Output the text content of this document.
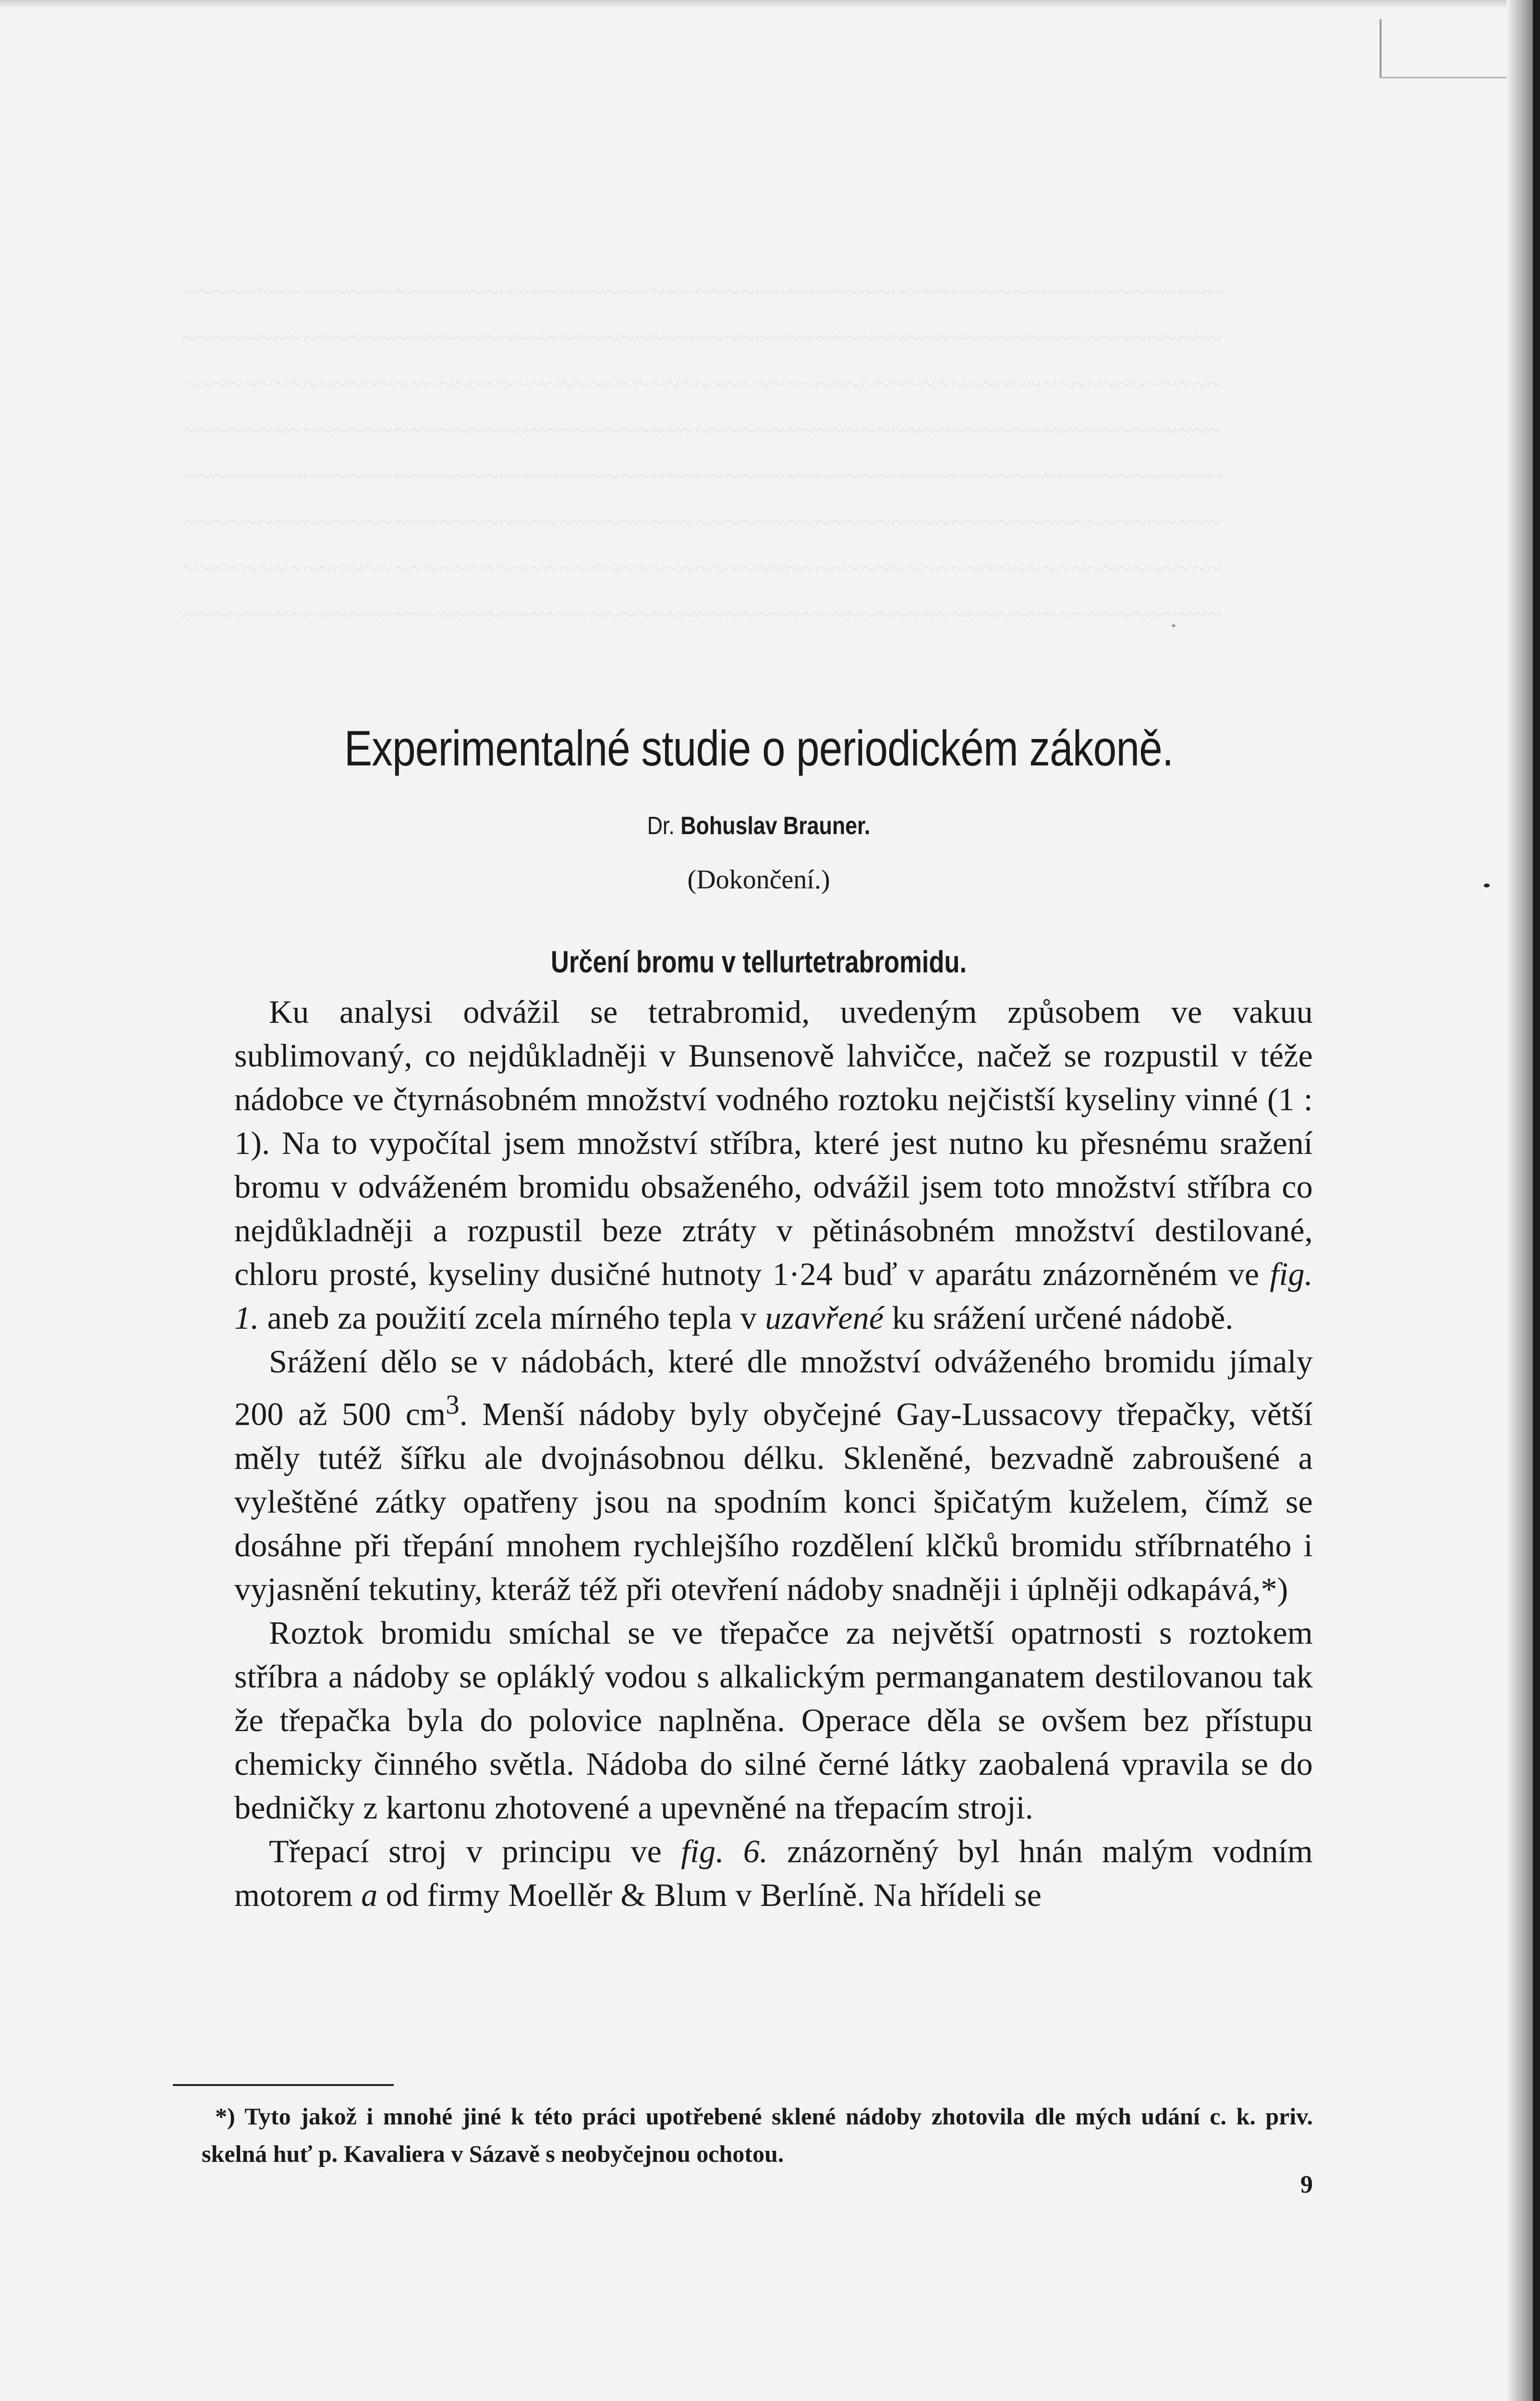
Experimentalné studie o periodickém zákoně.
Dr. Bohuslav Brauner.
(Dokončení.)
Určení bromu v tellurtetrabromidu.

Ku analysi odvážil se tetrabromid, uvedeným způsobem ve vakuu sublimovaný, co nejdůkladněji v Bunsenově lahvičce, načež se rozpustil v téže nádobce ve čtyrnásobném množství vodného roztoku nejčistší kyseliny vinné (1 : 1). Na to vypočítal jsem množství stříbra, které jest nutno ku přesnému sražení bromu v odváženém bromidu obsaženého, odvážil jsem toto množství stříbra co nejdůkladněji a rozpustil beze ztráty v pětinásobném množství destilované, chloru prosté, kyseliny dusičné hutnoty 1·24 buď v aparátu znázorněném ve fig. 1. aneb za použití zcela mírného tepla v uzavřené ku srážení určené nádobě.

Srážení dělo se v nádobách, které dle množství odváženého bromidu jímaly 200 až 500 $cm^3$. Menší nádoby byly obyčejné Gay-Lussacovy třepačky, větší měly tutéž šířku ale dvojnásobnou délku. Skleněné, bezvadně zabroušené a vyleštěné zátky opatřeny jsou na spodním konci špičatým kuželem, čímž se dosáhne při třepání mnohem rychlejšího rozdělení klčků bromidu stříbrnatého i vyjasnění tekutiny, kteráž též při otevření nádoby snadněji i úplněji odkapává,*)

Roztok bromidu smíchal se ve třepačce za největší opatrnosti s roztokem stříbra a nádoby se opláklý vodou s alkalickým permanganatem destilovanou tak že třepačka byla do polovice naplněna. Operace děla se ovšem bez přístupu chemicky činného světla. Nádoba do silné černé látky zaobalená vpravila se do bedničky z kartonu zhotovené a upevněné na třepacím stroji.

Třepací stroj v principu ve fig. 6. znázorněný byl hnán malým vodním motorem a od firmy Moellěr & Blum v Berlíně. Na hřídeli se

*) Tyto jakož i mnohé jiné k této práci upotřebené sklené nádoby zhotovila dle mých udání c. k. priv. skelná huť p. Kavaliera v Sázavě s neobyčejnou ochotou.

9
